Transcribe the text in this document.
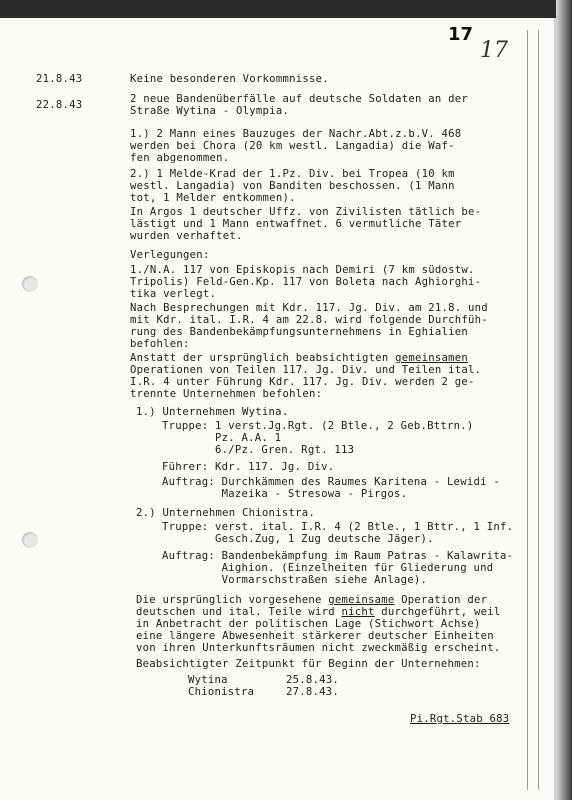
17
17
21.8.43	Keine besonderen Vorkommnisse.
22.8.43	2 neue Bandenüberfälle auf deutsche Soldaten an der
Straße Wytina - Olympia.
1.) 2 Mann eines Bauzuges der Nachr.Abt.z.b.V. 468
werden bei Chora (20 km westl. Langadia) die Waf-
fen abgenommen.
2.) 1 Melde-Krad der 1.Pz. Div. bei Tropea (10 km
westl. Langadia) von Banditen beschossen. (1 Mann
tot, 1 Melder entkommen).
In Argos 1 deutscher Uffz. von Zivilisten tätlich be-
lästigt und 1 Mann entwaffnet. 6 vermutliche Täter
wurden verhaftet.
Verlegungen:
1./N.A. 117 von Episkopis nach Demiri (7 km südostw.
Tripolis) Feld-Gen.Kp. 117 von Boleta nach Aghiorghi-
tika verlegt.
Nach Besprechungen mit Kdr. 117. Jg. Div. am 21.8. und
mit Kdr. ital. I.R. 4 am 22.8. wird folgende Durchfüh-
rung des Bandenbekämpfungsunternehmens in Eghialien
befohlen:
Anstatt der ursprünglich beabsichtigten gemeinsamen
Operationen von Teilen 117. Jg. Div. und Teilen ital.
I.R. 4 unter Führung Kdr. 117. Jg. Div. werden 2 ge-
trennte Unternehmen befohlen:
1.) Unternehmen Wytina.
Truppe: 1 verst.Jg.Rgt. (2 Btle., 2 Geb.Bttrn.)
Pz. A.A. 1
6./Pz. Gren. Rgt. 113
Führer: Kdr. 117. Jg. Div.
Auftrag: Durchkämmen des Raumes Karitena - Lewidi -
Mazeika - Stresowa - Pirgos.
2.) Unternehmen Chionistra.
Truppe: verst. ital. I.R. 4 (2 Btle., 1 Bttr., 1 Inf.
Gesch.Zug, 1 Zug deutsche Jäger).
Auftrag: Bandenbekämpfung im Raum Patras - Kalawrita-
Aighion. (Einzelheiten für Gliederung und
Vormarschstraßen siehe Anlage).
Die ursprünglich vorgesehene gemeinsame Operation der
deutschen und ital. Teile wird nicht durchgeführt, weil
in Anbetracht der politischen Lage (Stichwort Achse)
eine längere Abwesenheit stärkerer deutscher Einheiten
von ihren Unterkunftsräumen nicht zweckmäßig erscheint.
Beabsichtigter Zeitpunkt für Beginn der Unternehmen:
Wytina	25.8.43.
Chionistra	27.8.43.
Pi.Rgt.Stab 683
